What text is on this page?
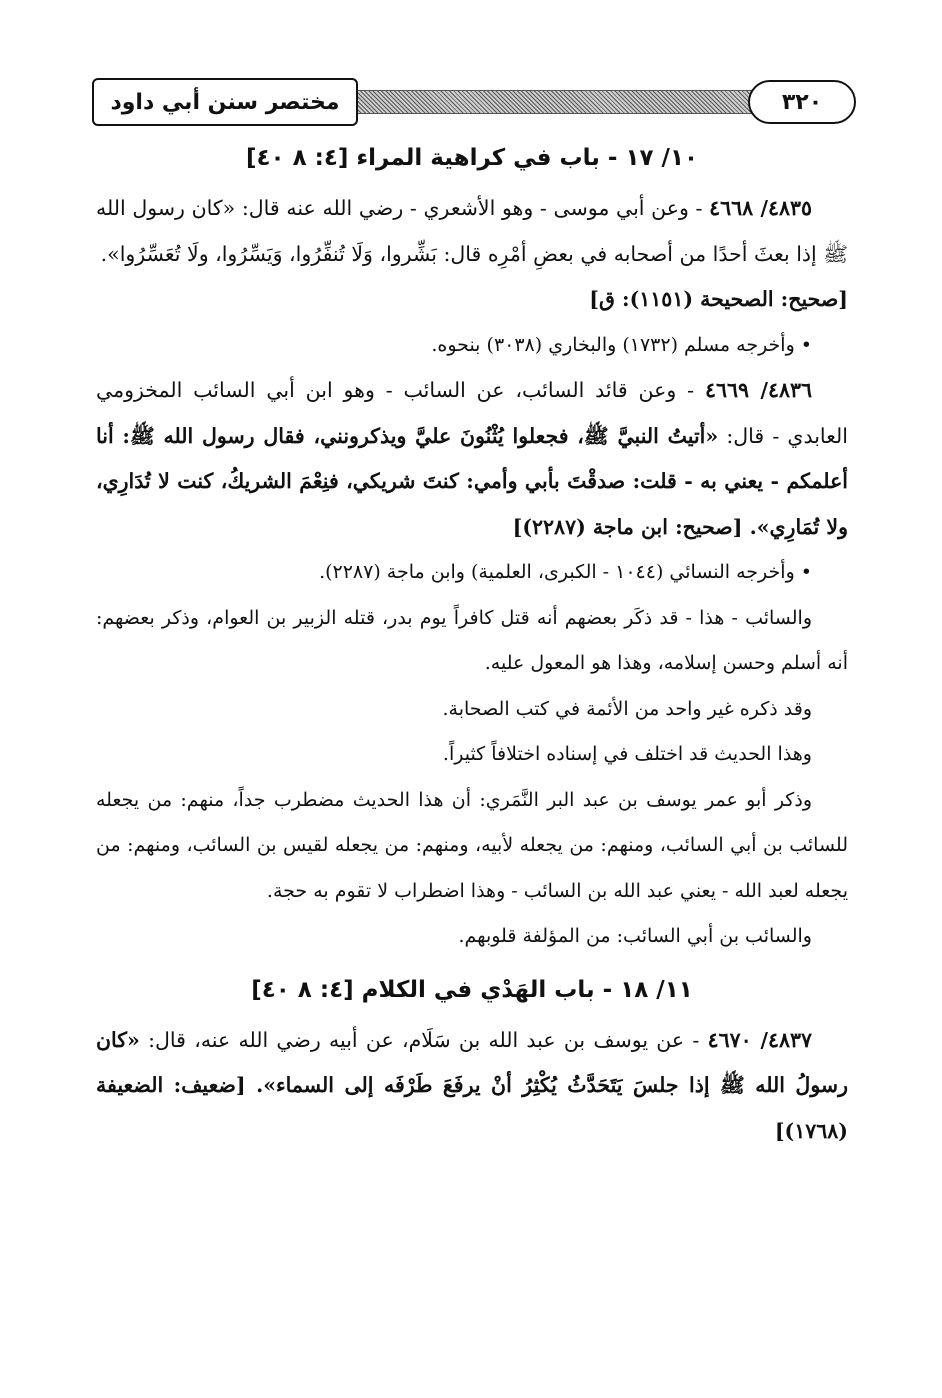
مختصر سنن أبي داود	٣٢٠
١٠/ ١٧ - باب في كراهية المراء [٤: ٨ ٤٠]

٤٨٣٥/ ٤٦٦٨ - وعن أبي موسى - وهو الأشعري - رضي الله عنه قال: «كان رسول الله ﷺ إذا بعثَ أحدًا من أصحابه في بعضِ أمْرِه قال: بَشِّروا، وَلَا تُنفِّرُوا، وَيَسِّرُوا، ولَا تُعَسِّرُوا».

[صحيح: الصحيحة (١١٥١): ق]

• وأخرجه مسلم (١٧٣٢) والبخاري (٣٠٣٨) بنحوه.

٤٨٣٦/ ٤٦٦٩ - وعن قائد السائب، عن السائب - وهو ابن أبي السائب المخزومي العابدي - قال: «أتيتُ النبيَّ ﷺ، فجعلوا يُثْنُونَ عليَّ ويذكرونني، فقال رسول الله ﷺ: أنا أعلمكم - يعني به - قلت: صدقْتَ بأبي وأمي: كنتَ شريكي، فنِعْمَ الشريكُ، كنت لا تُدَارِي، ولا تُمَارِي». [صحيح: ابن ماجة (٢٢٨٧)]

• وأخرجه النسائي (١٠٤٤ - الكبرى، العلمية) وابن ماجة (٢٢٨٧).

والسائب - هذا - قد ذكَر بعضهم أنه قتل كافراً يوم بدر، قتله الزبير بن العوام، وذكر بعضهم: أنه أسلم وحسن إسلامه، وهذا هو المعول عليه.

وقد ذكره غير واحد من الأئمة في كتب الصحابة.

وهذا الحديث قد اختلف في إسناده اختلافاً كثيراً.

وذكر أبو عمر يوسف بن عبد البر النَّمَري: أن هذا الحديث مضطرب جداً، منهم: من يجعله للسائب بن أبي السائب، ومنهم: من يجعله لأبيه، ومنهم: من يجعله لقيس بن السائب، ومنهم: من يجعله لعبد الله - يعني عبد الله بن السائب - وهذا اضطراب لا تقوم به حجة.

والسائب بن أبي السائب: من المؤلفة قلوبهم.

١١/ ١٨ - باب الهَدْي في الكلام [٤: ٨ ٤٠]

٤٨٣٧/ ٤٦٧٠ - عن يوسف بن عبد الله بن سَلَام، عن أبيه رضي الله عنه، قال: «كان رسولُ الله ﷺ إذا جلسَ يَتَحَدَّثُ يُكْثِرُ أنْ يرفَعَ طَرْفَه إلى السماء». [ضعيف: الضعيفة (١٧٦٨)]
